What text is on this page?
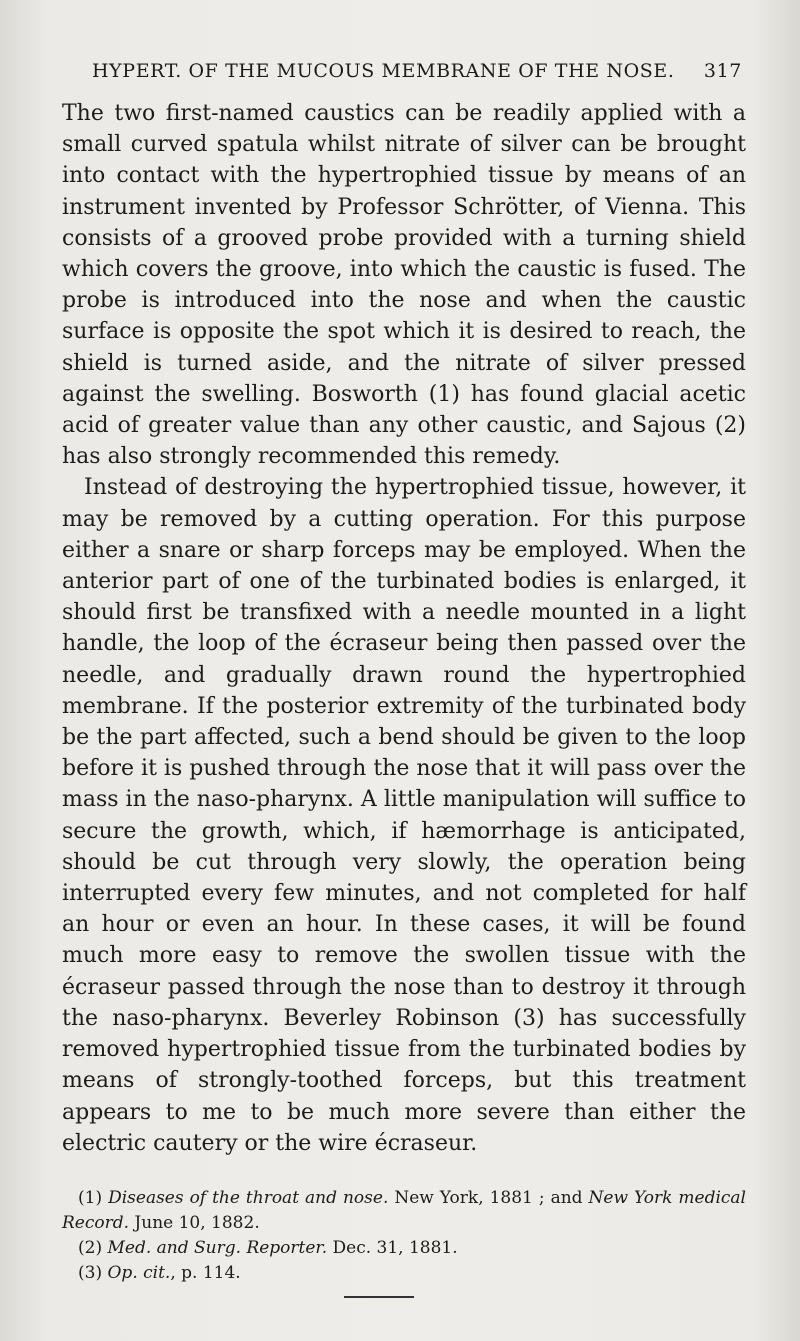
HYPERT. OF THE MUCOUS MEMBRANE OF THE NOSE. 317

The two first-named caustics can be readily applied with a small curved spatula whilst nitrate of silver can be brought into contact with the hypertrophied tissue by means of an instrument invented by Professor Schrötter, of Vienna. This consists of a grooved probe provided with a turning shield which covers the groove, into which the caustic is fused. The probe is introduced into the nose and when the caustic surface is opposite the spot which it is desired to reach, the shield is turned aside, and the nitrate of silver pressed against the swelling. Bosworth (1) has found glacial acetic acid of greater value than any other caustic, and Sajous (2) has also strongly recommended this remedy.

Instead of destroying the hypertrophied tissue, however, it may be removed by a cutting operation. For this purpose either a snare or sharp forceps may be employed. When the anterior part of one of the turbinated bodies is enlarged, it should first be transfixed with a needle mounted in a light handle, the loop of the écraseur being then passed over the needle, and gradually drawn round the hypertrophied membrane. If the posterior extremity of the turbinated body be the part affected, such a bend should be given to the loop before it is pushed through the nose that it will pass over the mass in the naso-pharynx. A little manipulation will suffice to secure the growth, which, if hæmorrhage is anticipated, should be cut through very slowly, the operation being interrupted every few minutes, and not completed for half an hour or even an hour. In these cases, it will be found much more easy to remove the swollen tissue with the écraseur passed through the nose than to destroy it through the naso-pharynx. Beverley Robinson (3) has successfully removed hypertrophied tissue from the turbinated bodies by means of strongly-toothed forceps, but this treatment appears to me to be much more severe than either the electric cautery or the wire écraseur.

(1) Diseases of the throat and nose. New York, 1881 ; and New York medical Record. June 10, 1882.

(2) Med. and Surg. Reporter. Dec. 31, 1881.

(3) Op. cit., p. 114.
